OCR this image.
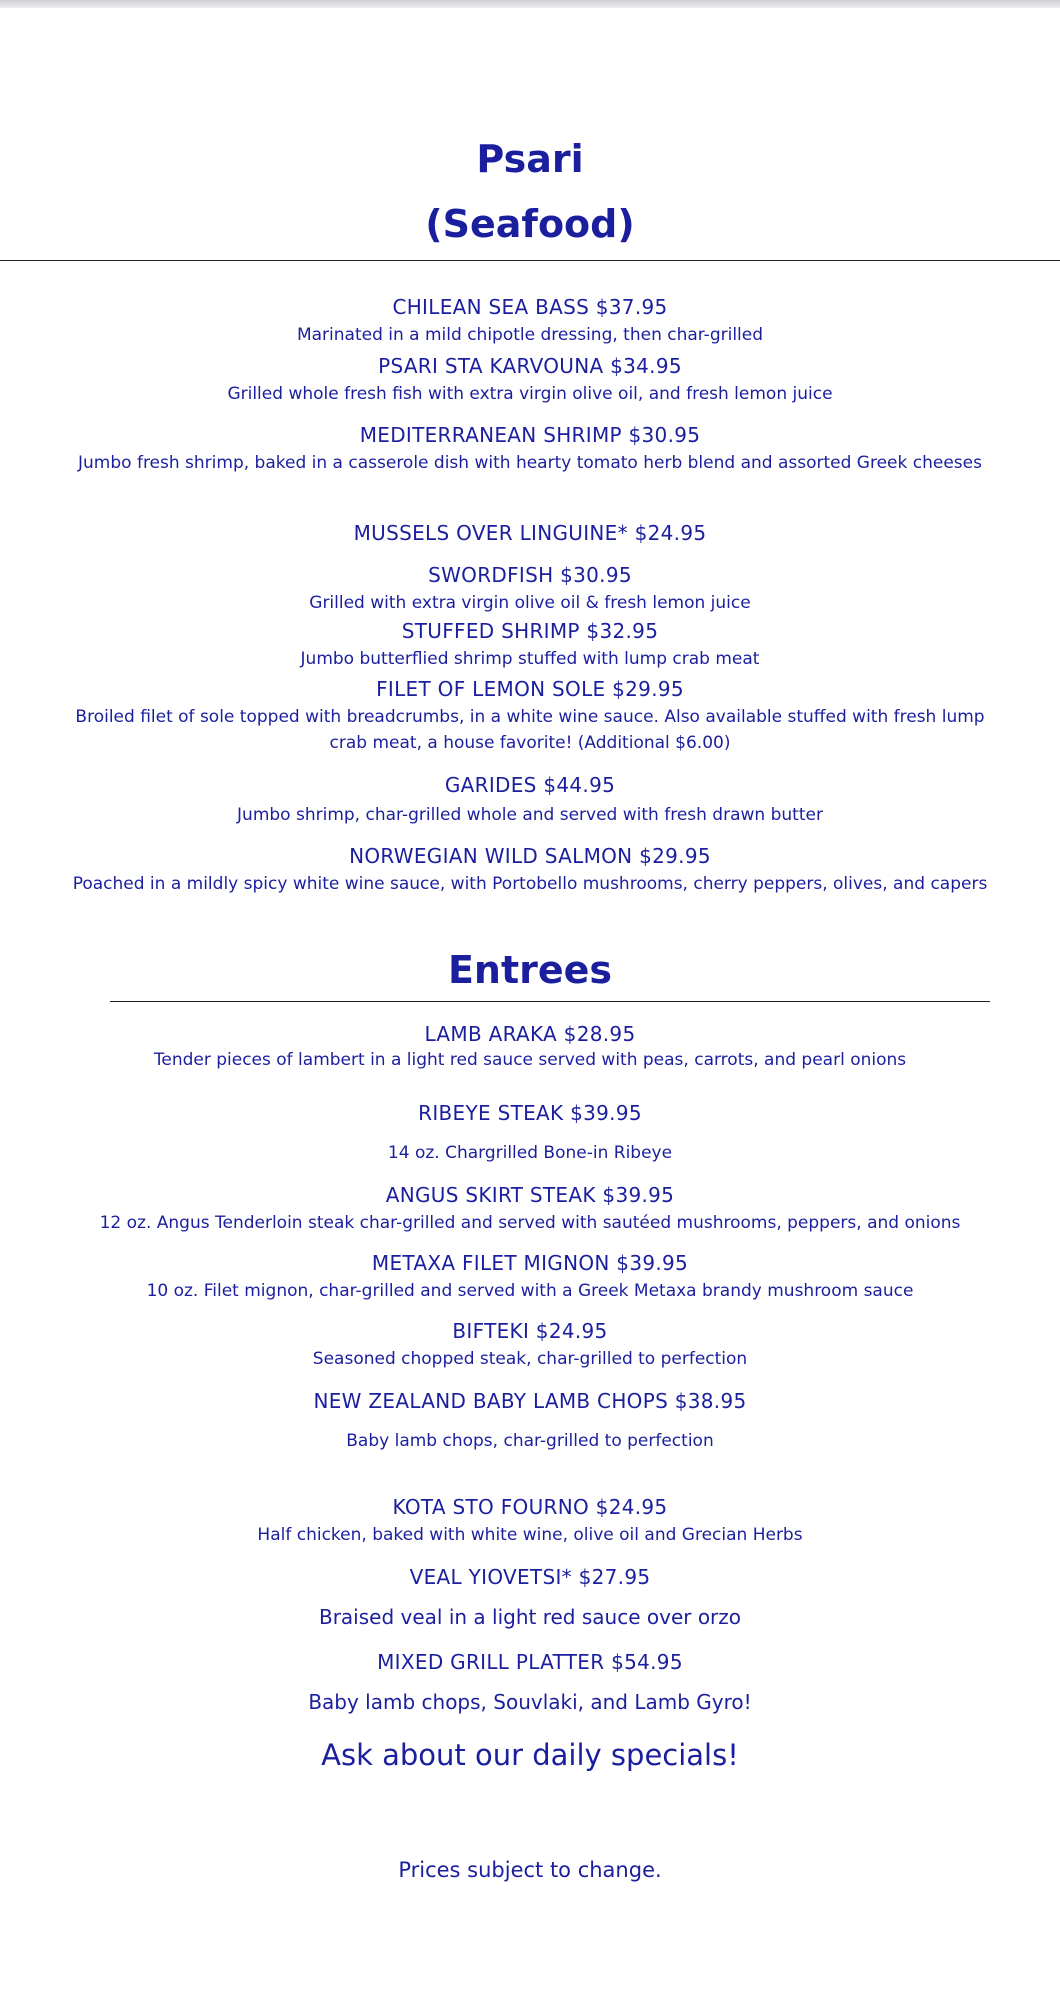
Psari
(Seafood)
CHILEAN SEA BASS $37.95
Marinated in a mild chipotle dressing, then char-grilled
PSARI STA KARVOUNA $34.95
Grilled whole fresh fish with extra virgin olive oil, and fresh lemon juice
MEDITERRANEAN SHRIMP $30.95
Jumbo fresh shrimp, baked in a casserole dish with hearty tomato herb blend and assorted Greek cheeses
MUSSELS OVER LINGUINE* $24.95
SWORDFISH $30.95
Grilled with extra virgin olive oil & fresh lemon juice
STUFFED SHRIMP $32.95
Jumbo butterflied shrimp stuffed with lump crab meat
FILET OF LEMON SOLE $29.95
Broiled filet of sole topped with breadcrumbs, in a white wine sauce. Also available stuffed with fresh lump crab meat, a house favorite! (Additional $6.00)
GARIDES $44.95
Jumbo shrimp, char-grilled whole and served with fresh drawn butter
NORWEGIAN WILD SALMON $29.95
Poached in a mildly spicy white wine sauce, with Portobello mushrooms, cherry peppers, olives, and capers
Entrees
LAMB ARAKA $28.95
Tender pieces of lambert in a light red sauce served with peas, carrots, and pearl onions
RIBEYE STEAK $39.95
14 oz. Chargrilled Bone-in Ribeye
ANGUS SKIRT STEAK $39.95
12 oz. Angus Tenderloin steak char-grilled and served with sautéed mushrooms, peppers, and onions
METAXA FILET MIGNON $39.95
10 oz. Filet mignon, char-grilled and served with a Greek Metaxa brandy mushroom sauce
BIFTEKI $24.95
Seasoned chopped steak, char-grilled to perfection
NEW ZEALAND BABY LAMB CHOPS $38.95
Baby lamb chops, char-grilled to perfection
KOTA STO FOURNO $24.95
Half chicken, baked with white wine, olive oil and Grecian Herbs
VEAL YIOVETSI* $27.95
Braised veal in a light red sauce over orzo
MIXED GRILL PLATTER $54.95
Baby lamb chops, Souvlaki, and Lamb Gyro!
Ask about our daily specials!
Prices subject to change.
